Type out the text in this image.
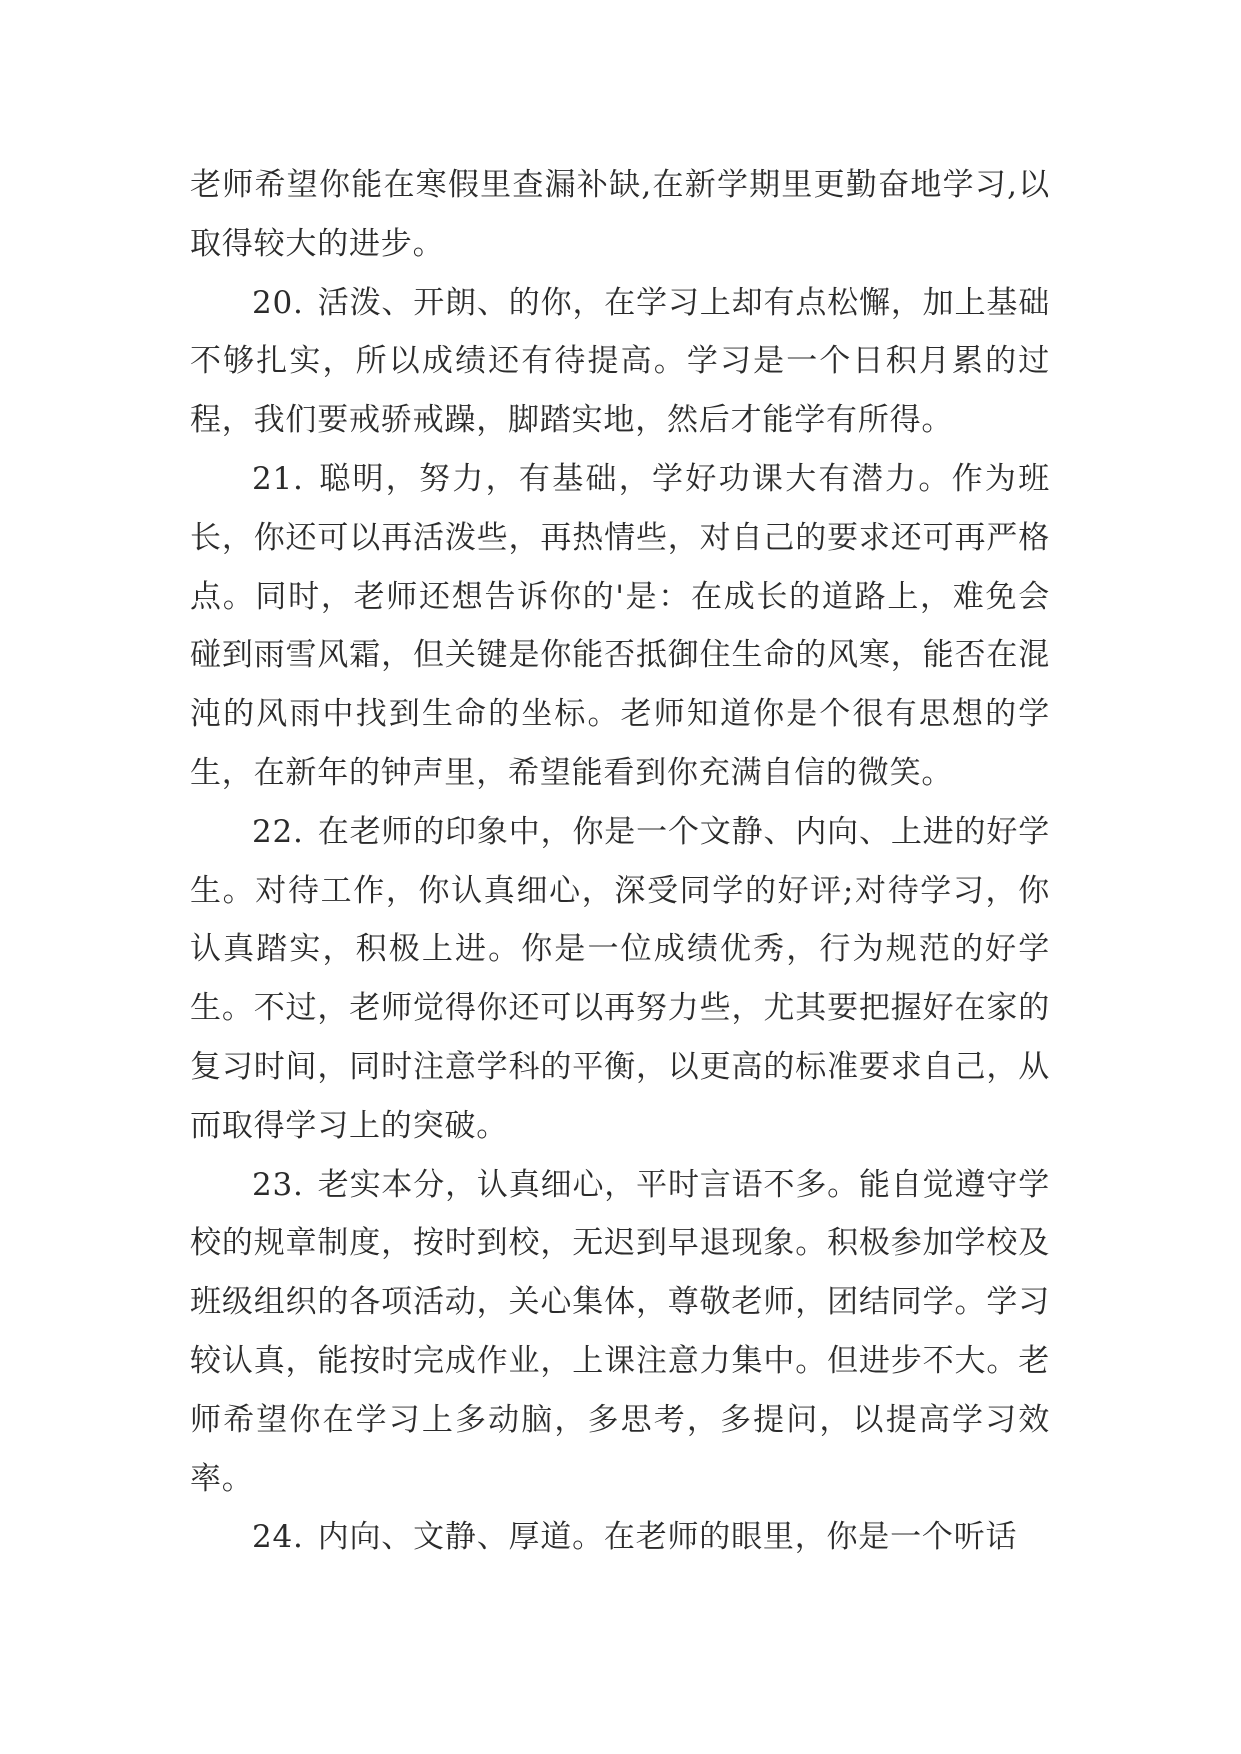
老师希望你能在寒假里查漏补缺,在新学期里更勤奋地学习,以取得较大的进步。

20. 活泼、开朗、的你，在学习上却有点松懈，加上基础不够扎实，所以成绩还有待提高。学习是一个日积月累的过程，我们要戒骄戒躁，脚踏实地，然后才能学有所得。

21. 聪明，努力，有基础，学好功课大有潜力。作为班长，你还可以再活泼些，再热情些，对自己的要求还可再严格点。同时，老师还想告诉你的'是：在成长的道路上，难免会碰到雨雪风霜，但关键是你能否抵御住生命的风寒，能否在混沌的风雨中找到生命的坐标。老师知道你是个很有思想的学生，在新年的钟声里，希望能看到你充满自信的微笑。

22. 在老师的印象中，你是一个文静、内向、上进的好学生。对待工作，你认真细心，深受同学的好评;对待学习，你认真踏实，积极上进。你是一位成绩优秀，行为规范的好学生。不过，老师觉得你还可以再努力些，尤其要把握好在家的复习时间，同时注意学科的平衡，以更高的标准要求自己，从而取得学习上的突破。

23. 老实本分，认真细心，平时言语不多。能自觉遵守学校的规章制度，按时到校，无迟到早退现象。积极参加学校及班级组织的各项活动，关心集体，尊敬老师，团结同学。学习较认真，能按时完成作业，上课注意力集中。但进步不大。老师希望你在学习上多动脑，多思考，多提问，以提高学习效率。

24. 内向、文静、厚道。在老师的眼里，你是一个听话
